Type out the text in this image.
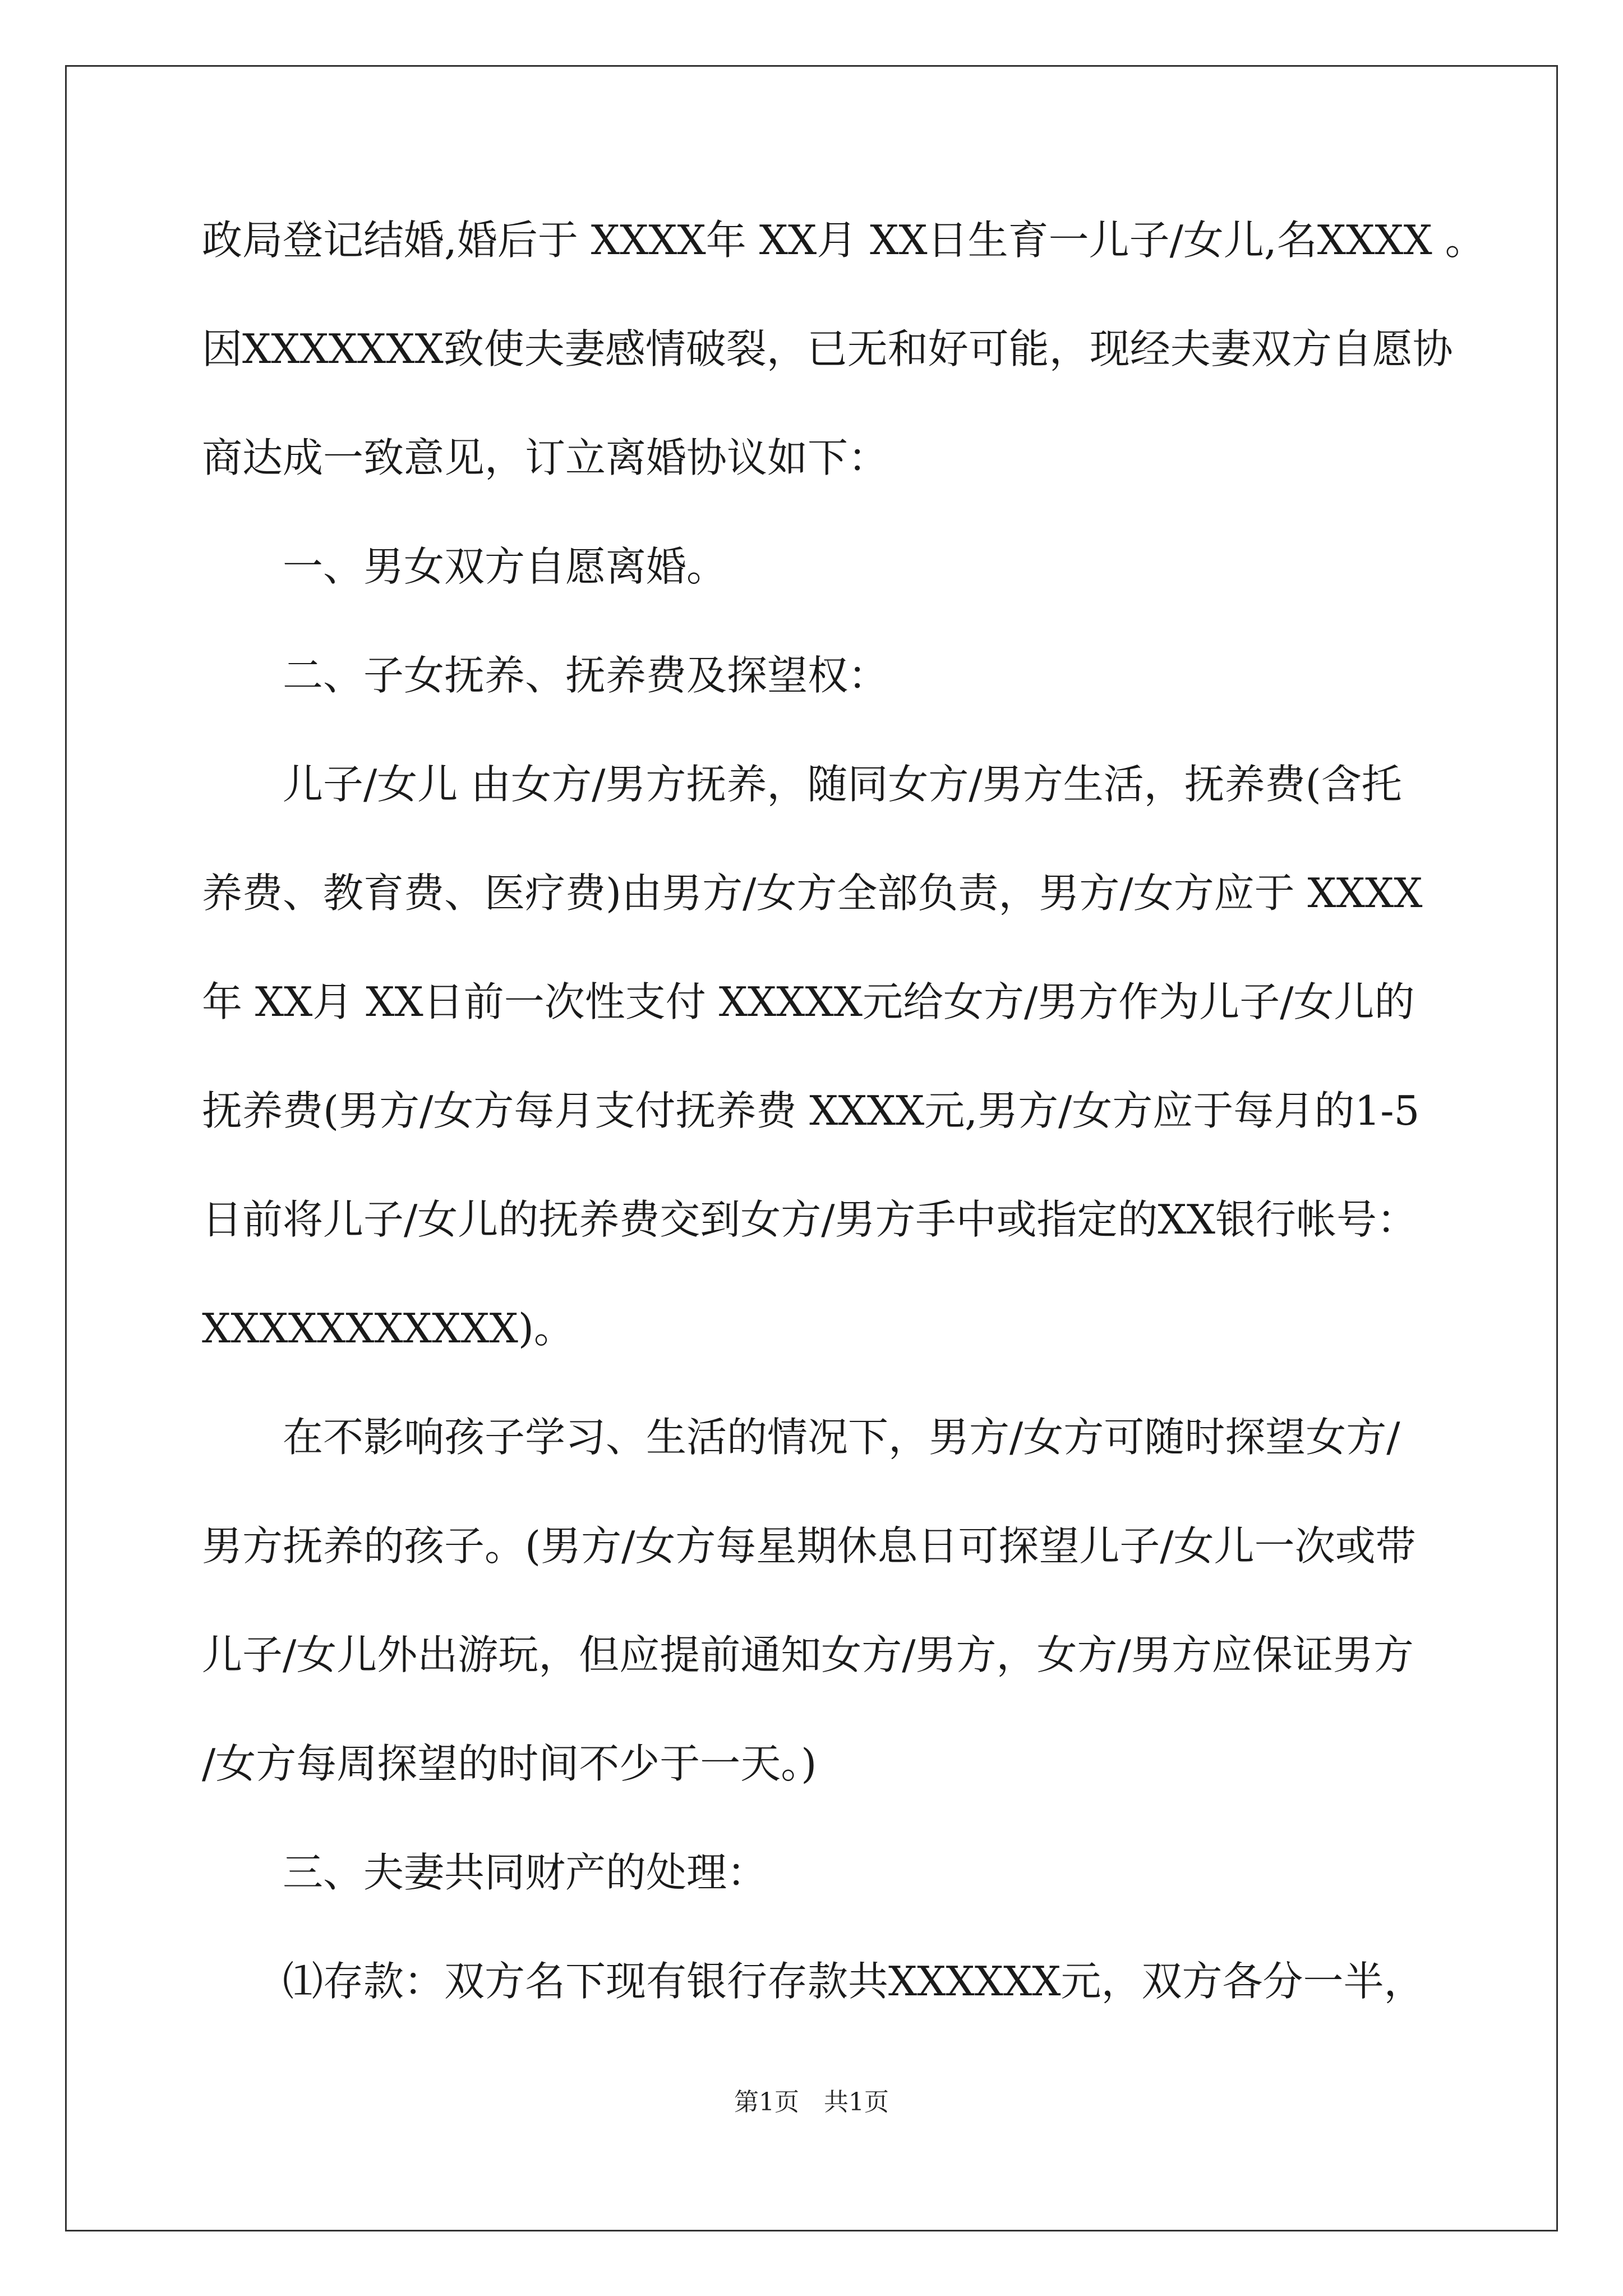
政局登记结婚,婚后于 XXXX年 XX月 XX日生育一儿子/女儿,名XXXX 。
因XXXXXXX致使夫妻感情破裂，已无和好可能，现经夫妻双方自愿协
商达成一致意见，订立离婚协议如下：
一、男女双方自愿离婚。
二、子女抚养、抚养费及探望权：
儿子/女儿 由女方/男方抚养，随同女方/男方生活，抚养费(含托
养费、教育费、医疗费)由男方/女方全部负责，男方/女方应于 XXXX
年 XX月 XX日前一次性支付 XXXXX元给女方/男方作为儿子/女儿的
抚养费(男方/女方每月支付抚养费 XXXX元,男方/女方应于每月的1-5
日前将儿子/女儿的抚养费交到女方/男方手中或指定的XX银行帐号：
XXXXXXXXXXX)。
在不影响孩子学习、生活的情况下，男方/女方可随时探望女方/
男方抚养的孩子。(男方/女方每星期休息日可探望儿子/女儿一次或带
儿子/女儿外出游玩，但应提前通知女方/男方，女方/男方应保证男方
/女方每周探望的时间不少于一天。)
三、夫妻共同财产的处理：
⑴存款：双方名下现有银行存款共XXXXXX元，双方各分一半，
第1页　共1页
